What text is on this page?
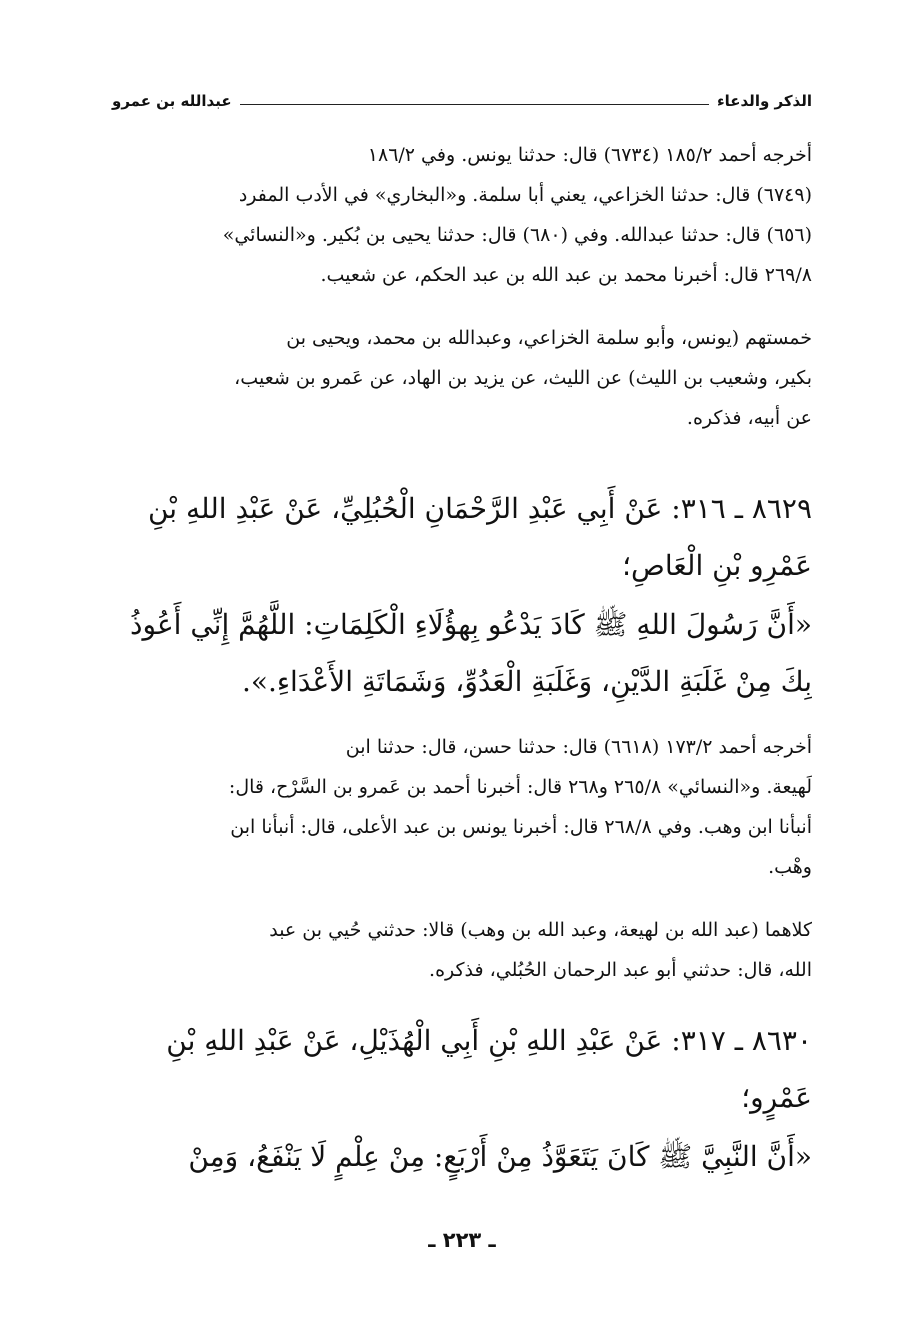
الذكر والدعاء
عبدالله بن عمرو
أخرجه أحمد ١٨٥/٢ (٦٧٣٤) قال: حدثنا يونس. وفي ١٨٦/٢
(٦٧٤٩) قال: حدثنا الخزاعي، يعني أبا سلمة. و«البخاري» في الأدب المفرد
(٦٥٦) قال: حدثنا عبدالله. وفي (٦٨٠) قال: حدثنا يحيى بن بُكير. و«النسائي»
٢٦٩/٨ قال: أخبرنا محمد بن عبد الله بن عبد الحكم، عن شعيب.
خمستهم (يونس، وأبو سلمة الخزاعي، وعبدالله بن محمد، ويحيى بن
بكير، وشعيب بن الليث) عن الليث، عن يزيد بن الهاد، عن عَمرو بن شعيب،
عن أبيه، فذكره.
٨٦٢٩ ـ ٣١٦: عَنْ أَبِي عَبْدِ الرَّحْمَانِ الْحُبُلِيِّ، عَنْ عَبْدِ اللهِ بْنِ
عَمْرِو بْنِ الْعَاصِ؛
«أَنَّ رَسُولَ اللهِ ﷺ كَادَ يَدْعُو بِهؤُلَاءِ الْكَلِمَاتِ: اللَّهُمَّ إِنِّي أَعُوذُ
بِكَ مِنْ غَلَبَةِ الدَّيْنِ، وَغَلَبَةِ الْعَدُوِّ، وَشَمَاتَةِ الأَعْدَاءِ.».
أخرجه أحمد ١٧٣/٢ (٦٦١٨) قال: حدثنا حسن، قال: حدثنا ابن
لَهيعة. و«النسائي» ٢٦٥/٨ و٢٦٨ قال: أخبرنا أحمد بن عَمرو بن السَّرْح، قال:
أنبأنا ابن وهب. وفي ٢٦٨/٨ قال: أخبرنا يونس بن عبد الأعلى، قال: أنبأنا ابن
وهْب.
كلاهما (عبد الله بن لهيعة، وعبد الله بن وهب) قالا: حدثني حُيي بن عبد
الله، قال: حدثني أبو عبد الرحمان الحُبُلي، فذكره.
٨٦٣٠ ـ ٣١٧: عَنْ عَبْدِ اللهِ بْنِ أَبِي الْهُذَيْلِ، عَنْ عَبْدِ اللهِ بْنِ
عَمْرٍو؛
«أَنَّ النَّبِيَّ ﷺ كَانَ يَتَعَوَّذُ مِنْ أَرْبَعٍ: مِنْ عِلْمٍ لَا يَنْفَعُ، وَمِنْ
ـ ٢٢٣ ـ
